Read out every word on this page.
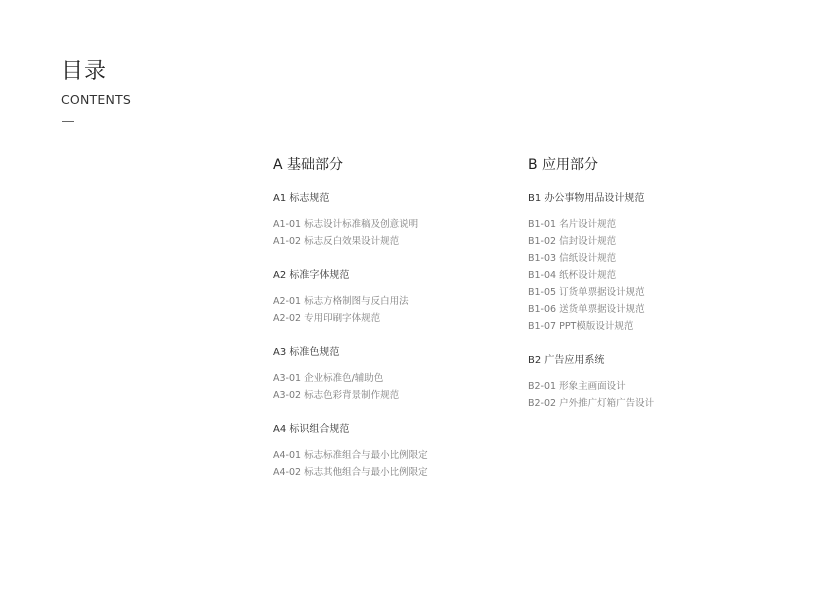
目录
CONTENTS
A 基础部分
A1 标志规范
A1-01 标志设计标准稿及创意说明
A1-02 标志反白效果设计规范
A2 标准字体规范
A2-01 标志方格制图与反白用法
A2-02 专用印刷字体规范
A3 标准色规范
A3-01 企业标准色/辅助色
A3-02 标志色彩背景制作规范
A4 标识组合规范
A4-01 标志标准组合与最小比例限定
A4-02 标志其他组合与最小比例限定
B 应用部分
B1 办公事物用品设计规范
B1-01 名片设计规范
B1-02 信封设计规范
B1-03 信纸设计规范
B1-04 纸杯设计规范
B1-05 订货单票据设计规范
B1-06 送货单票据设计规范
B1-07 PPT模版设计规范
B2 广告应用系统
B2-01 形象主画面设计
B2-02 户外推广灯箱广告设计
